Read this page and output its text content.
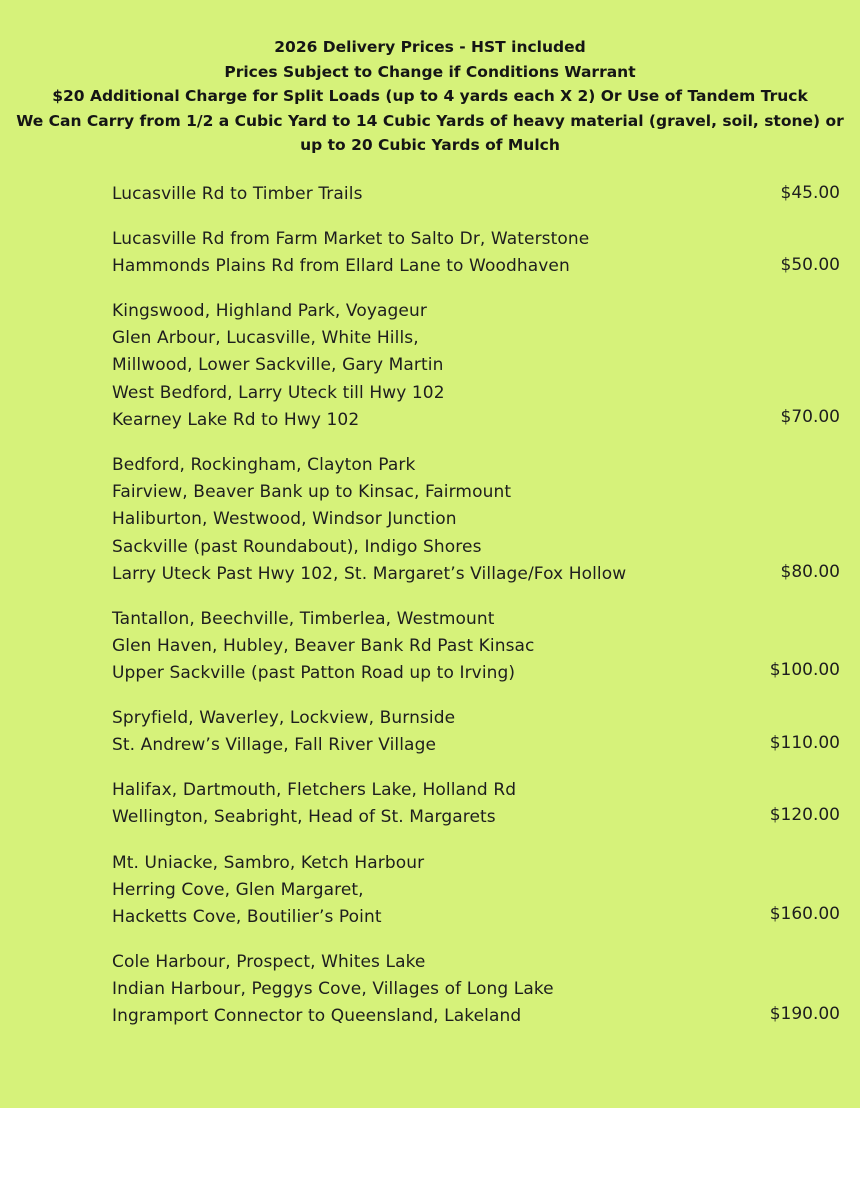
2026 Delivery Prices - HST included
Prices Subject to Change if Conditions Warrant
$20 Additional Charge for Split Loads (up to 4 yards each X 2) Or Use of Tandem Truck
We Can Carry from 1/2 a Cubic Yard to 14 Cubic Yards of heavy material (gravel, soil, stone) or
up to 20 Cubic Yards of Mulch
Lucasville Rd to Timber Trails	$45.00
Lucasville Rd from Farm Market to Salto Dr, Waterstone
Hammonds Plains Rd from Ellard Lane to Woodhaven	$50.00
Kingswood, Highland Park, Voyageur
Glen Arbour, Lucasville, White Hills,
Millwood, Lower Sackville, Gary Martin
West Bedford, Larry Uteck till Hwy 102
Kearney Lake Rd to Hwy 102	$70.00
Bedford, Rockingham, Clayton Park
Fairview, Beaver Bank up to Kinsac, Fairmount
Haliburton, Westwood, Windsor Junction
Sackville (past Roundabout), Indigo Shores
Larry Uteck Past Hwy 102, St. Margaret’s Village/Fox Hollow	$80.00
Tantallon, Beechville, Timberlea, Westmount
Glen Haven, Hubley, Beaver Bank Rd Past Kinsac
Upper Sackville (past Patton Road up to Irving)	$100.00
Spryfield, Waverley, Lockview, Burnside
St. Andrew’s Village, Fall River Village	$110.00
Halifax, Dartmouth, Fletchers Lake, Holland Rd
Wellington, Seabright, Head of St. Margarets	$120.00
Mt. Uniacke, Sambro, Ketch Harbour
Herring Cove, Glen Margaret,
Hacketts Cove, Boutilier’s Point	$160.00
Cole Harbour, Prospect, Whites Lake
Indian Harbour, Peggys Cove, Villages of Long Lake
Ingramport Connector to Queensland, Lakeland	$190.00
